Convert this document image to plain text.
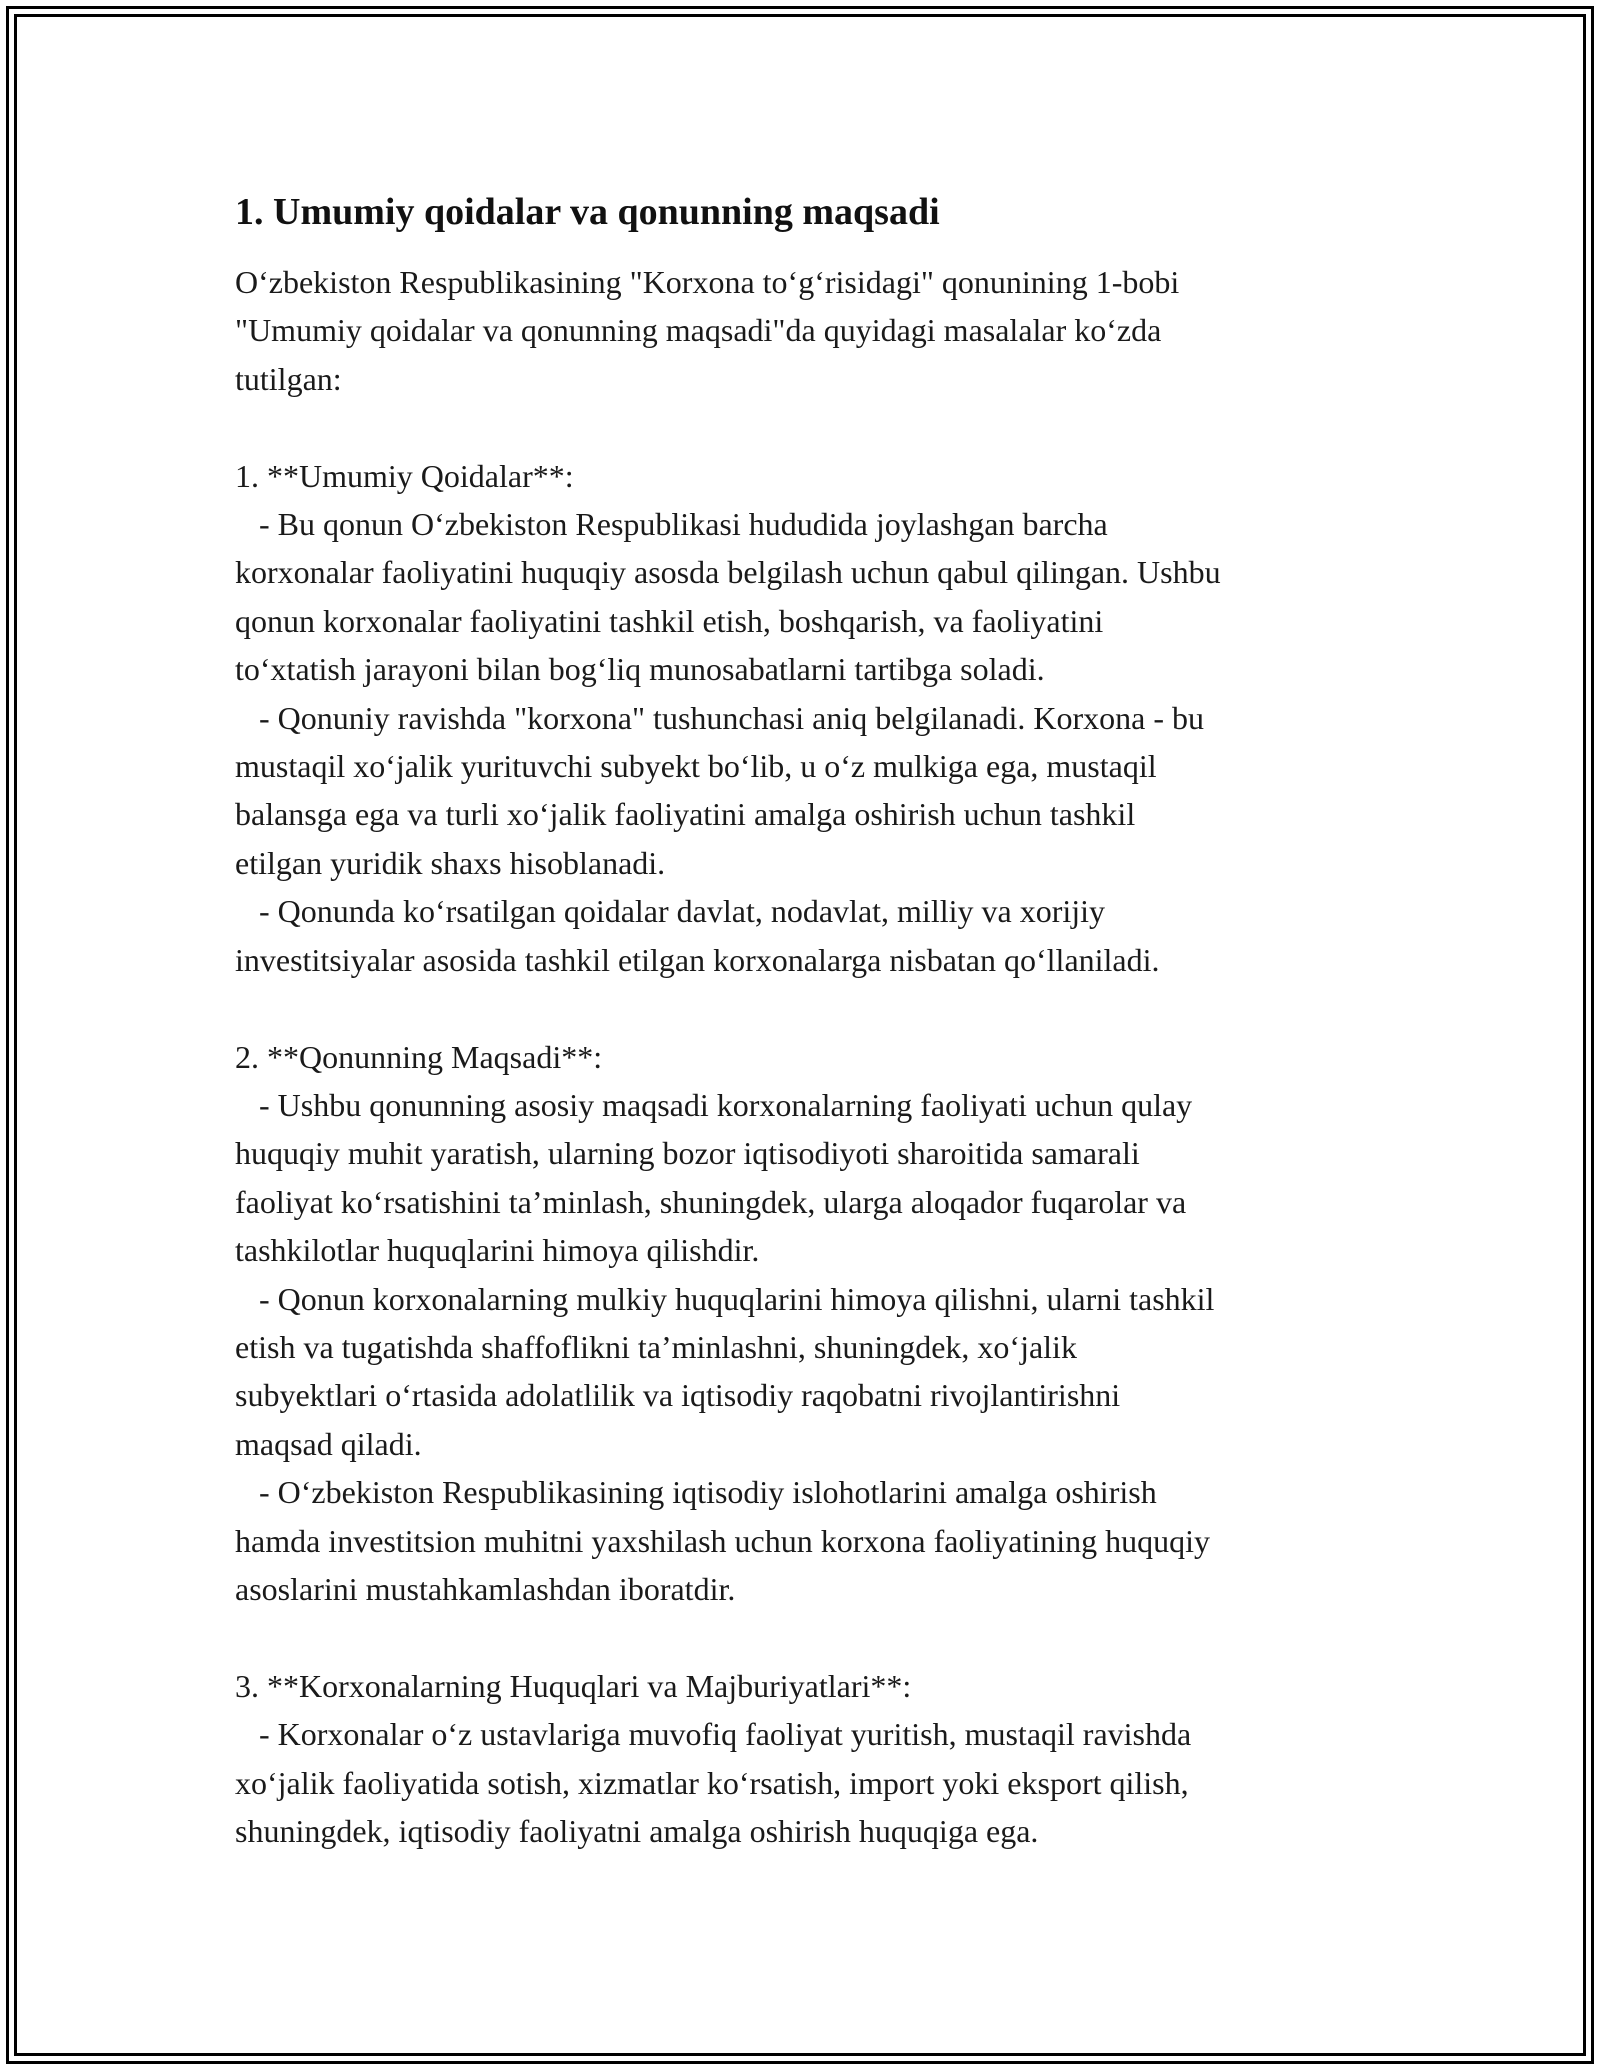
1. Umumiy qoidalar va qonunning maqsadi

O‘zbekiston Respublikasining "Korxona to‘g‘risidagi" qonunining 1-bobi
"Umumiy qoidalar va qonunning maqsadi"da quyidagi masalalar ko‘zda
tutilgan:

1. **Umumiy Qoidalar**:
- Bu qonun O‘zbekiston Respublikasi hududida joylashgan barcha
korxonalar faoliyatini huquqiy asosda belgilash uchun qabul qilingan. Ushbu
qonun korxonalar faoliyatini tashkil etish, boshqarish, va faoliyatini
to‘xtatish jarayoni bilan bog‘liq munosabatlarni tartibga soladi.
- Qonuniy ravishda "korxona" tushunchasi aniq belgilanadi. Korxona - bu
mustaqil xo‘jalik yurituvchi subyekt bo‘lib, u o‘z mulkiga ega, mustaqil
balansga ega va turli xo‘jalik faoliyatini amalga oshirish uchun tashkil
etilgan yuridik shaxs hisoblanadi.
- Qonunda ko‘rsatilgan qoidalar davlat, nodavlat, milliy va xorijiy
investitsiyalar asosida tashkil etilgan korxonalarga nisbatan qo‘llaniladi.

2. **Qonunning Maqsadi**:
- Ushbu qonunning asosiy maqsadi korxonalarning faoliyati uchun qulay
huquqiy muhit yaratish, ularning bozor iqtisodiyoti sharoitida samarali
faoliyat ko‘rsatishini ta’minlash, shuningdek, ularga aloqador fuqarolar va
tashkilotlar huquqlarini himoya qilishdir.
- Qonun korxonalarning mulkiy huquqlarini himoya qilishni, ularni tashkil
etish va tugatishda shaffoflikni ta’minlashni, shuningdek, xo‘jalik
subyektlari o‘rtasida adolatlilik va iqtisodiy raqobatni rivojlantirishni
maqsad qiladi.
- O‘zbekiston Respublikasining iqtisodiy islohotlarini amalga oshirish
hamda investitsion muhitni yaxshilash uchun korxona faoliyatining huquqiy
asoslarini mustahkamlashdan iboratdir.

3. **Korxonalarning Huquqlari va Majburiyatlari**:
- Korxonalar o‘z ustavlariga muvofiq faoliyat yuritish, mustaqil ravishda
xo‘jalik faoliyatida sotish, xizmatlar ko‘rsatish, import yoki eksport qilish,
shuningdek, iqtisodiy faoliyatni amalga oshirish huquqiga ega.
